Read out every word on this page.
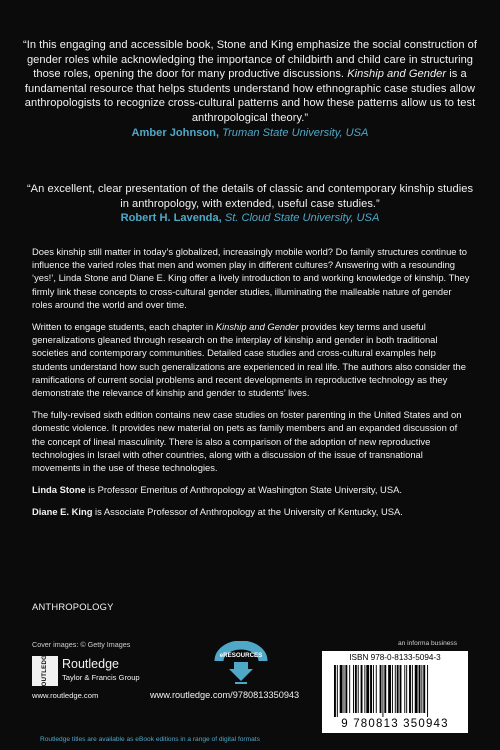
“In this engaging and accessible book, Stone and King emphasize the social construction of gender roles while acknowledging the importance of childbirth and child care in structuring those roles, opening the door for many productive discussions. Kinship and Gender is a fundamental resource that helps students understand how ethnographic case studies allow anthropologists to recognize cross-cultural patterns and how these patterns allow us to test anthropological theory.”
Amber Johnson, Truman State University, USA
“An excellent, clear presentation of the details of classic and contemporary kinship studies in anthropology, with extended, useful case studies.”
Robert H. Lavenda, St. Cloud State University, USA

Does kinship still matter in today’s globalized, increasingly mobile world? Do family structures continue to influence the varied roles that men and women play in different cultures? Answering with a resounding ‘yes!’, Linda Stone and Diane E. King offer a lively introduction to and working knowledge of kinship. They firmly link these concepts to cross-cultural gender studies, illuminating the malleable nature of gender roles around the world and over time.

Written to engage students, each chapter in Kinship and Gender provides key terms and useful generalizations gleaned through research on the interplay of kinship and gender in both traditional societies and contemporary communities. Detailed case studies and cross-cultural examples help students understand how such generalizations are experienced in real life. The authors also consider the ramifications of current social problems and recent developments in reproductive technology as they demonstrate the relevance of kinship and gender to students’ lives.

The fully-revised sixth edition contains new case studies on foster parenting in the United States and on domestic violence. It provides new material on pets as family members and an expanded discussion of the concept of lineal masculinity. There is also a comparison of the adoption of new reproductive technologies in Israel with other countries, along with a discussion of the issue of transnational movements in the use of these technologies.

Linda Stone is Professor Emeritus of Anthropology at Washington State University, USA.

Diane E. King is Associate Professor of Anthropology at the University of Kentucky, USA.

ANTHROPOLOGY
Cover images: © Getty Images	an informa business
ROUTLEDGE	Routledge
Taylor & Francis Group
www.routledge.com
eRESOURCES
www.routledge.com/9780813350943
ISBN 978-0-8133-5094-3
9 780813 350943
Routledge titles are available as eBook editions in a range of digital formats
